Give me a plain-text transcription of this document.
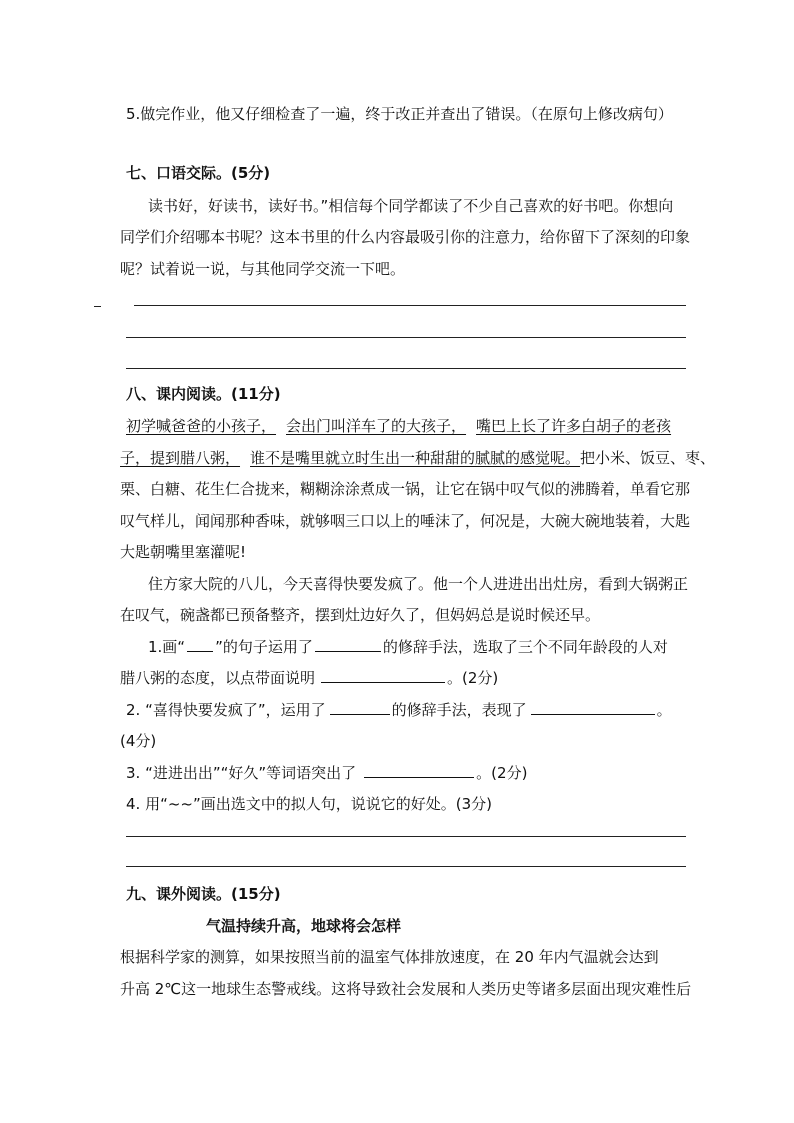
5.做完作业，他又仔细检查了一遍，终于改正并查出了错误。（在原句上修改病句）
七、口语交际。(5分)
读书好，好读书，读好书。”相信每个同学都读了不少自己喜欢的好书吧。你想向
同学们介绍哪本书呢？这本书里的什么内容最吸引你的注意力，给你留下了深刻的印象
呢？试着说一说，与其他同学交流一下吧。
八、课内阅读。(11分)
初学喊爸爸的小孩子， 会出门叫洋车了的大孩子， 嘴巴上长了许多白胡子的老孩
子，提到腊八粥， 谁不是嘴里就立时生出一种甜甜的腻腻的感觉呢。把小米、饭豆、枣、
栗、白糖、花生仁合拢来，糊糊涂涂煮成一锅，让它在锅中叹气似的沸腾着，单看它那
叹气样儿，闻闻那种香味，就够咽三口以上的唾沫了，何况是，大碗大碗地装着，大匙
大匙朝嘴里塞灌呢!
住方家大院的八儿，今天喜得快要发疯了。他一个人进进出出灶房，看到大锅粥正
在叹气，碗盏都已预备整齐，摆到灶边好久了，但妈妈总是说时候还早。
1.画“ ”的句子运用了	的修辞手法，选取了三个不同年龄段的人对
腊八粥的态度，以点带面说明	。(2分)
2. “喜得快要发疯了”，运用了	的修辞手法，表现了	。
(4分)
3. “进进出出”“好久”等词语突出了	。(2分)
4. 用“~~”画出选文中的拟人句，说说它的好处。(3分)
九、课外阅读。(15分)
气温持续升高，地球将会怎样
根据科学家的测算，如果按照当前的温室气体排放速度，在 20 年内气温就会达到
升高 2℃这一地球生态警戒线。这将导致社会发展和人类历史等诸多层面出现灾难性后
